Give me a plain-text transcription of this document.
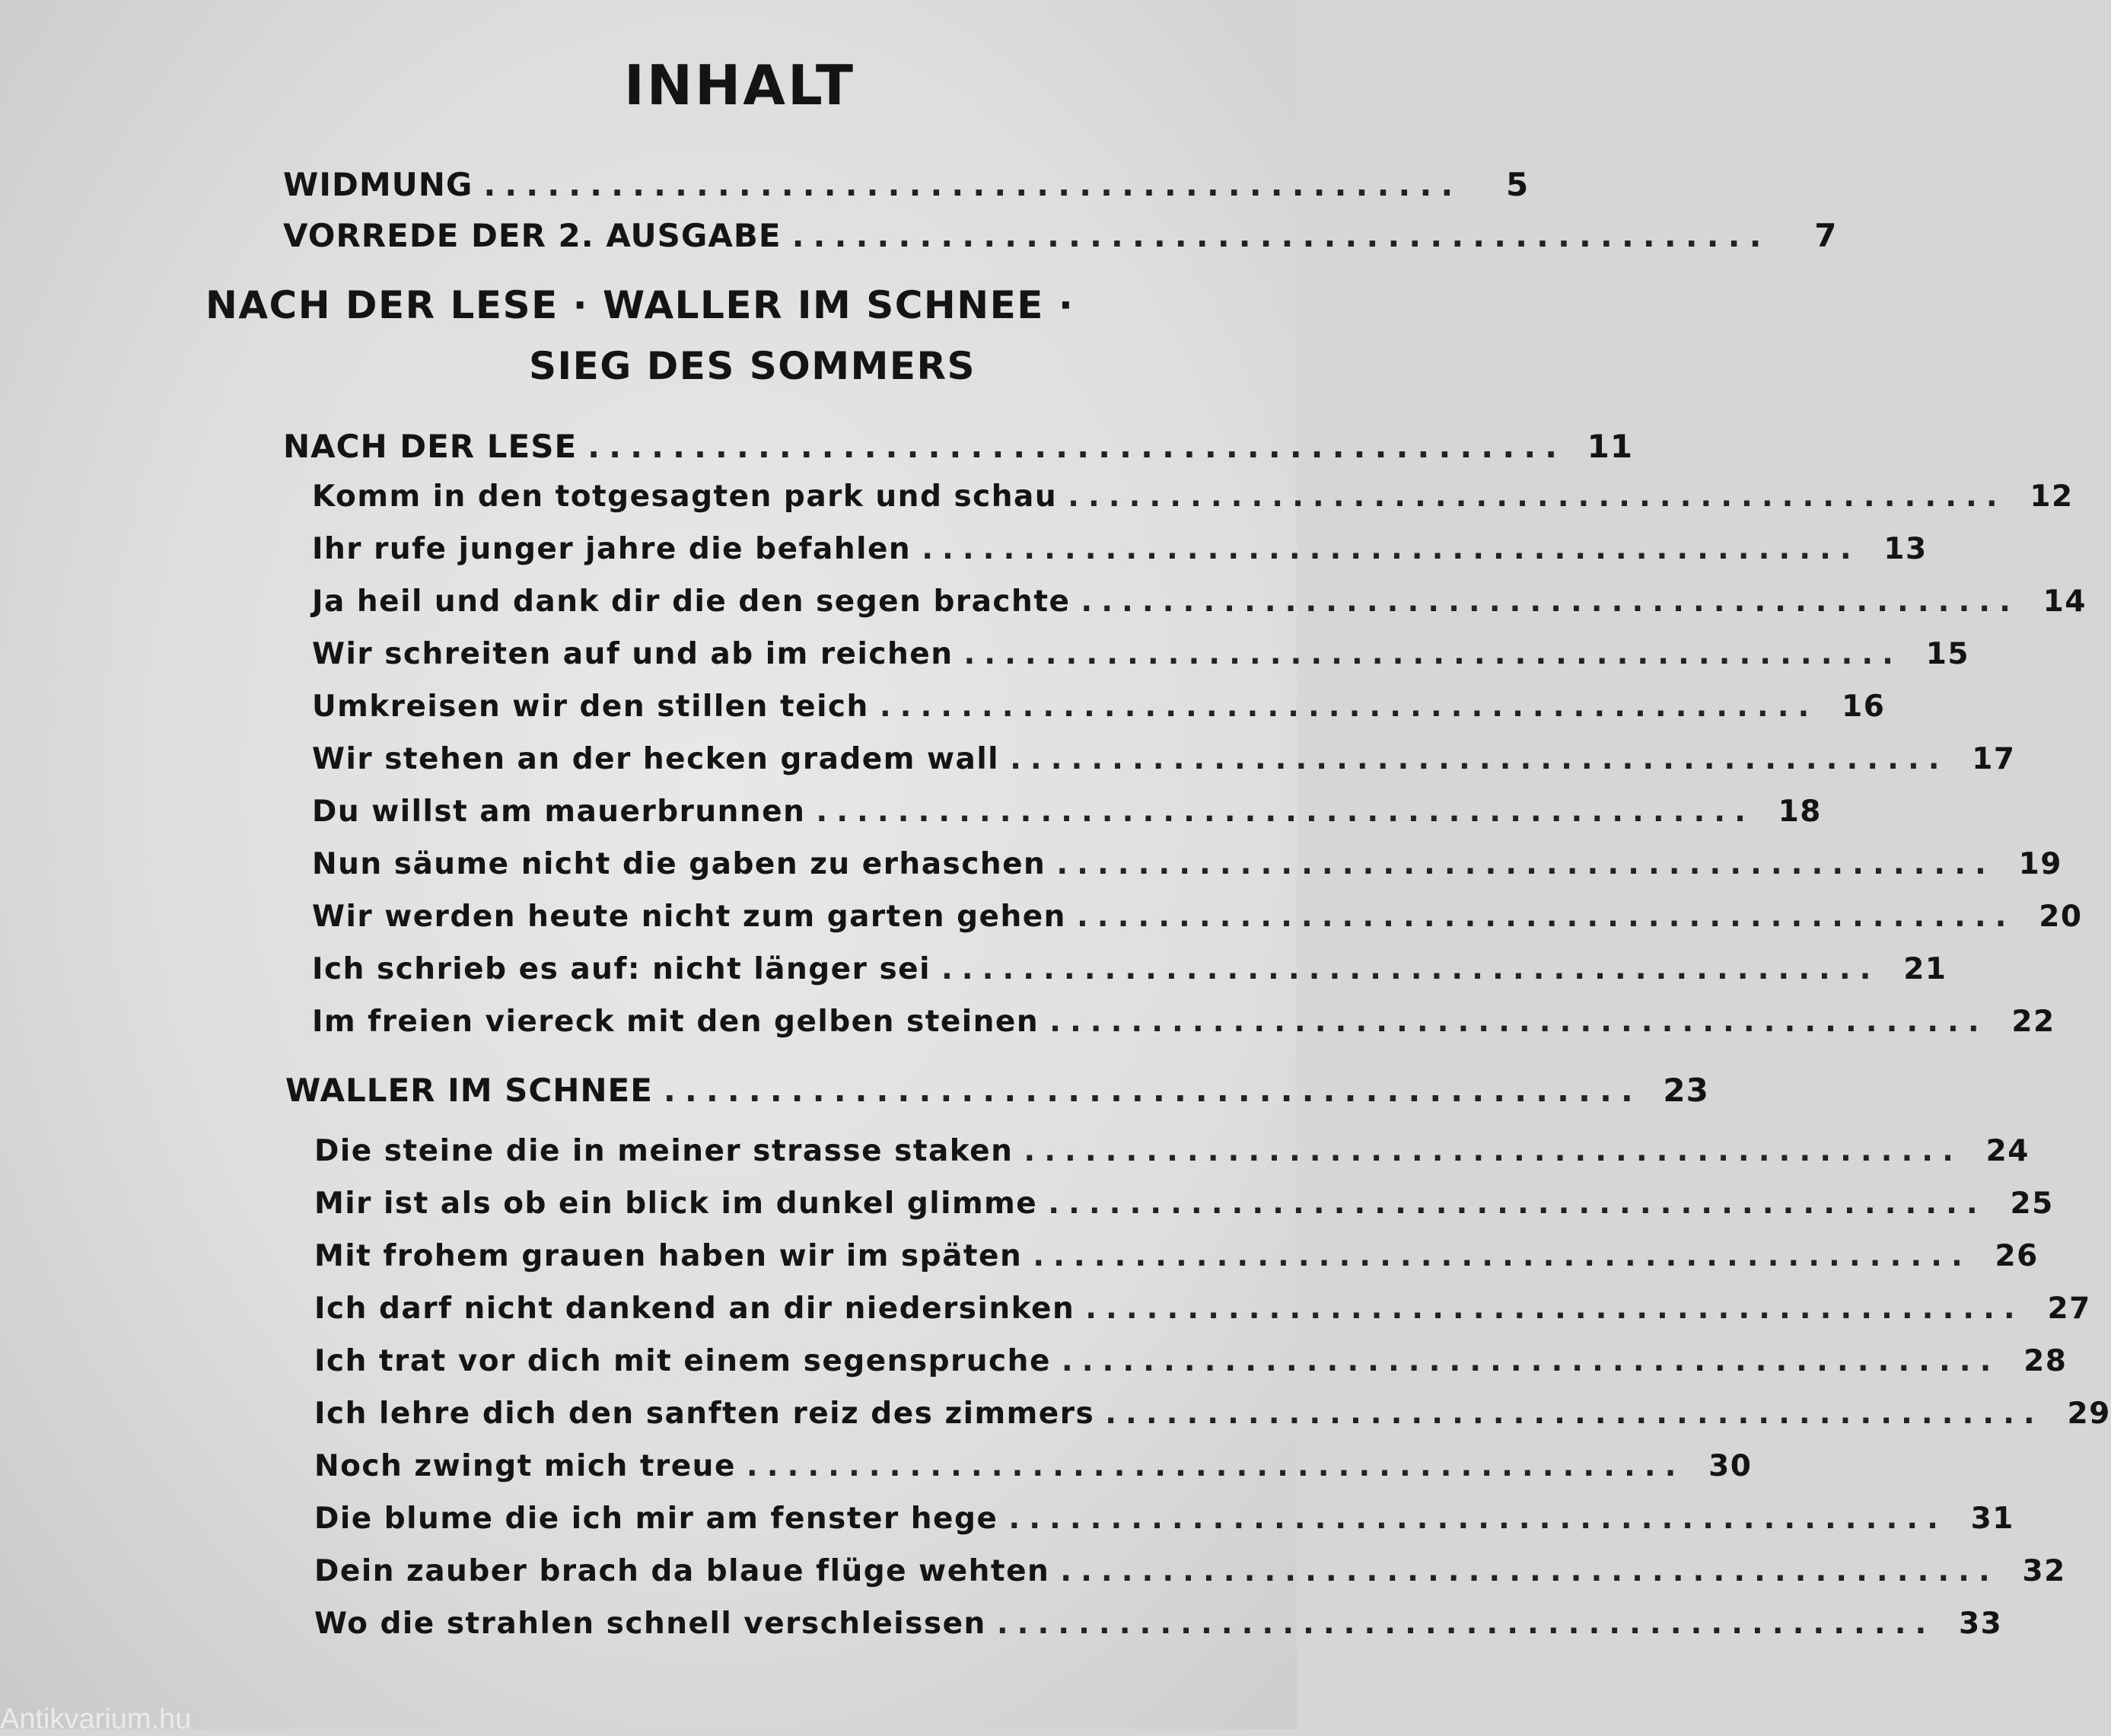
INHALT
WIDMUNG ..............................................	5
VORREDE DER 2. AUSGABE ..............................................	7
NACH DER LESE · WALLER IM SCHNEE ·
SIEG DES SOMMERS
NACH DER LESE .............................................. 11
Komm in den totgesagten park und schau .............................................. 12
Ihr rufe junger jahre die befahlen .............................................. 13
Ja heil und dank dir die den segen brachte .............................................. 14
Wir schreiten auf und ab im reichen .............................................. 15
Umkreisen wir den stillen teich .............................................. 16
Wir stehen an der hecken gradem wall .............................................. 17
Du willst am mauerbrunnen .............................................. 18
Nun säume nicht die gaben zu erhaschen .............................................. 19
Wir werden heute nicht zum garten gehen .............................................. 20
Ich schrieb es auf: nicht länger sei .............................................. 21
Im freien viereck mit den gelben steinen .............................................. 22
WALLER IM SCHNEE .............................................. 23
Die steine die in meiner strasse staken .............................................. 24
Mir ist als ob ein blick im dunkel glimme .............................................. 25
Mit frohem grauen haben wir im späten .............................................. 26
Ich darf nicht dankend an dir niedersinken .............................................. 27
Ich trat vor dich mit einem segenspruche .............................................. 28
Ich lehre dich den sanften reiz des zimmers .............................................. 29
Noch zwingt mich treue .............................................. 30
Die blume die ich mir am fenster hege .............................................. 31
Dein zauber brach da blaue flüge wehten .............................................. 32
Wo die strahlen schnell verschleissen .............................................. 33
Antikvarium.hu
